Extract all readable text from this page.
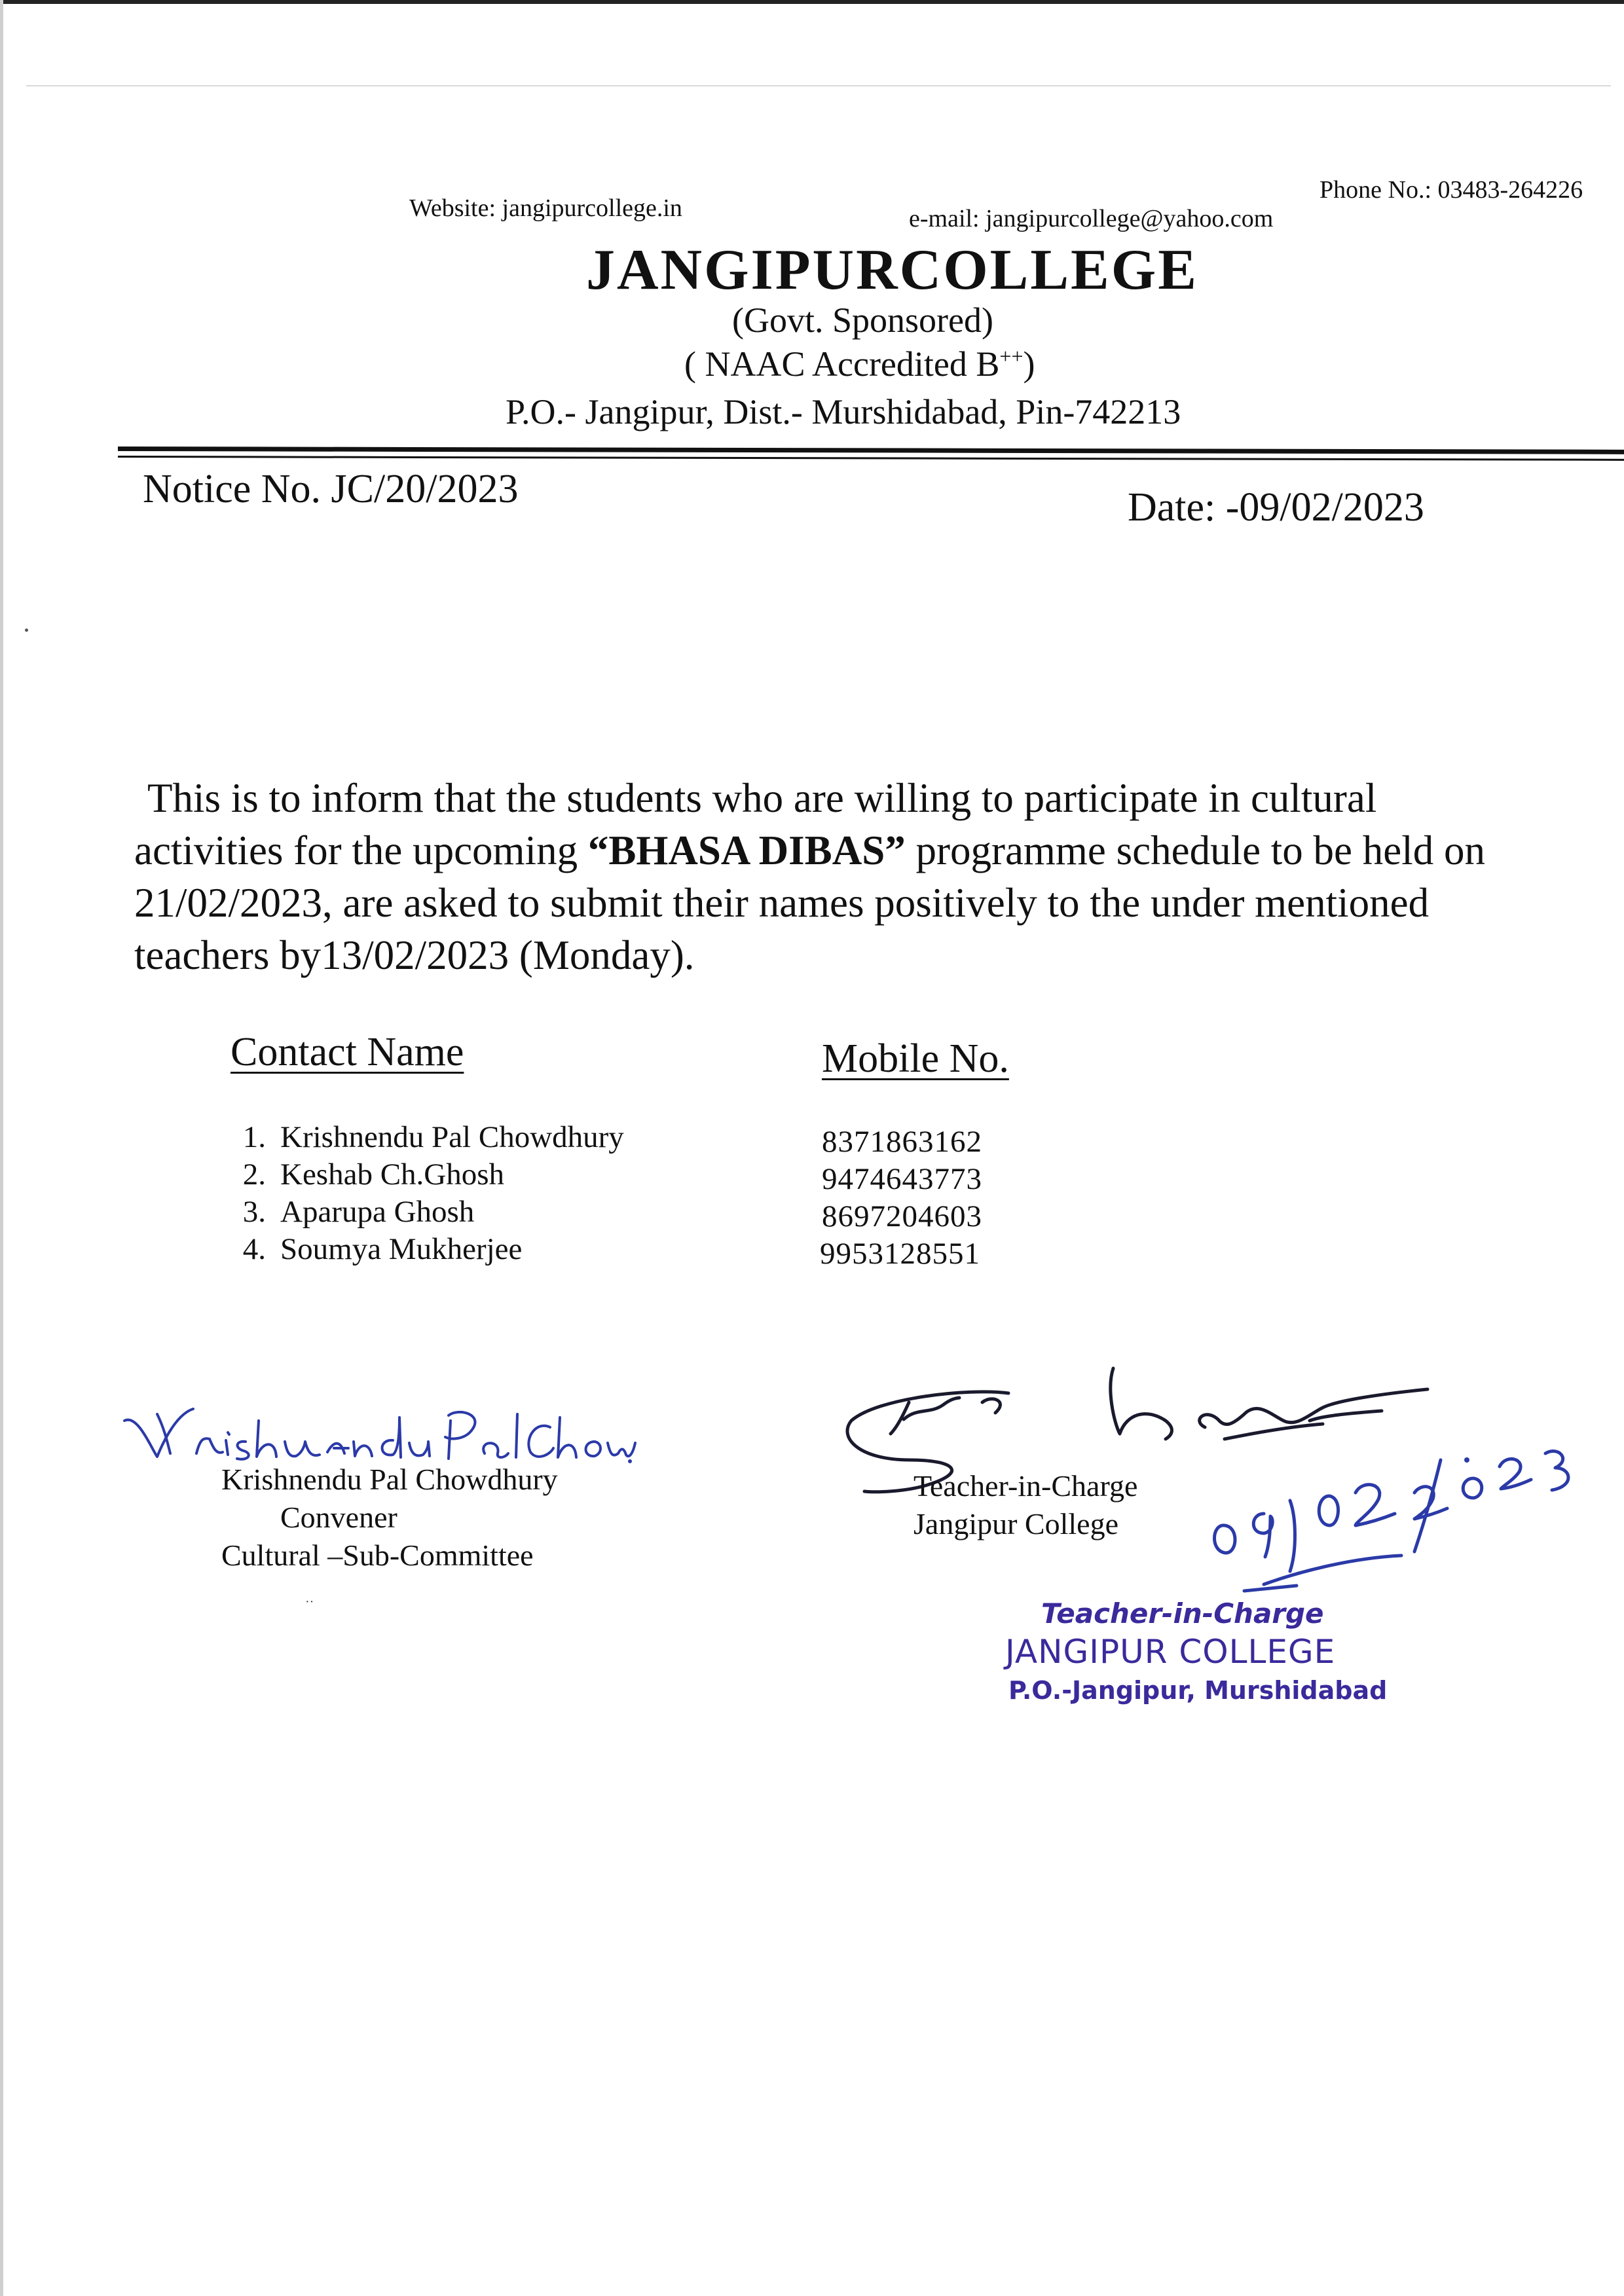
Phone No.: 03483-264226
Website: jangipurcollege.in	e-mail: jangipurcollege@yahoo.com
JANGIPURCOLLEGE
(Govt. Sponsored)
( NAAC Accredited B++)
P.O.- Jangipur, Dist.- Murshidabad, Pin-742213
Notice No. JC/20/2023	Date: -09/02/2023
This is to inform that the students who are willing to participate in cultural
activities for the upcoming “BHASA DIBAS” programme schedule to be held on
21/02/2023, are asked to submit their names positively to the under mentioned
teachers by13/02/2023 (Monday).
Contact Name	Mobile No.
1. Krishnendu Pal Chowdhury	8371863162
2. Keshab Ch.Ghosh	9474643773
3. Aparupa Ghosh	8697204603
4. Soumya Mukherjee	9953128551
Krishnendu Pal Chowdhury
Convener
Cultural –Sub-Committee
Teacher-in-Charge
Jangipur College
··	Teacher-in-Charge
JANGIPUR COLLEGE
P.O.-Jangipur, Murshidabad
